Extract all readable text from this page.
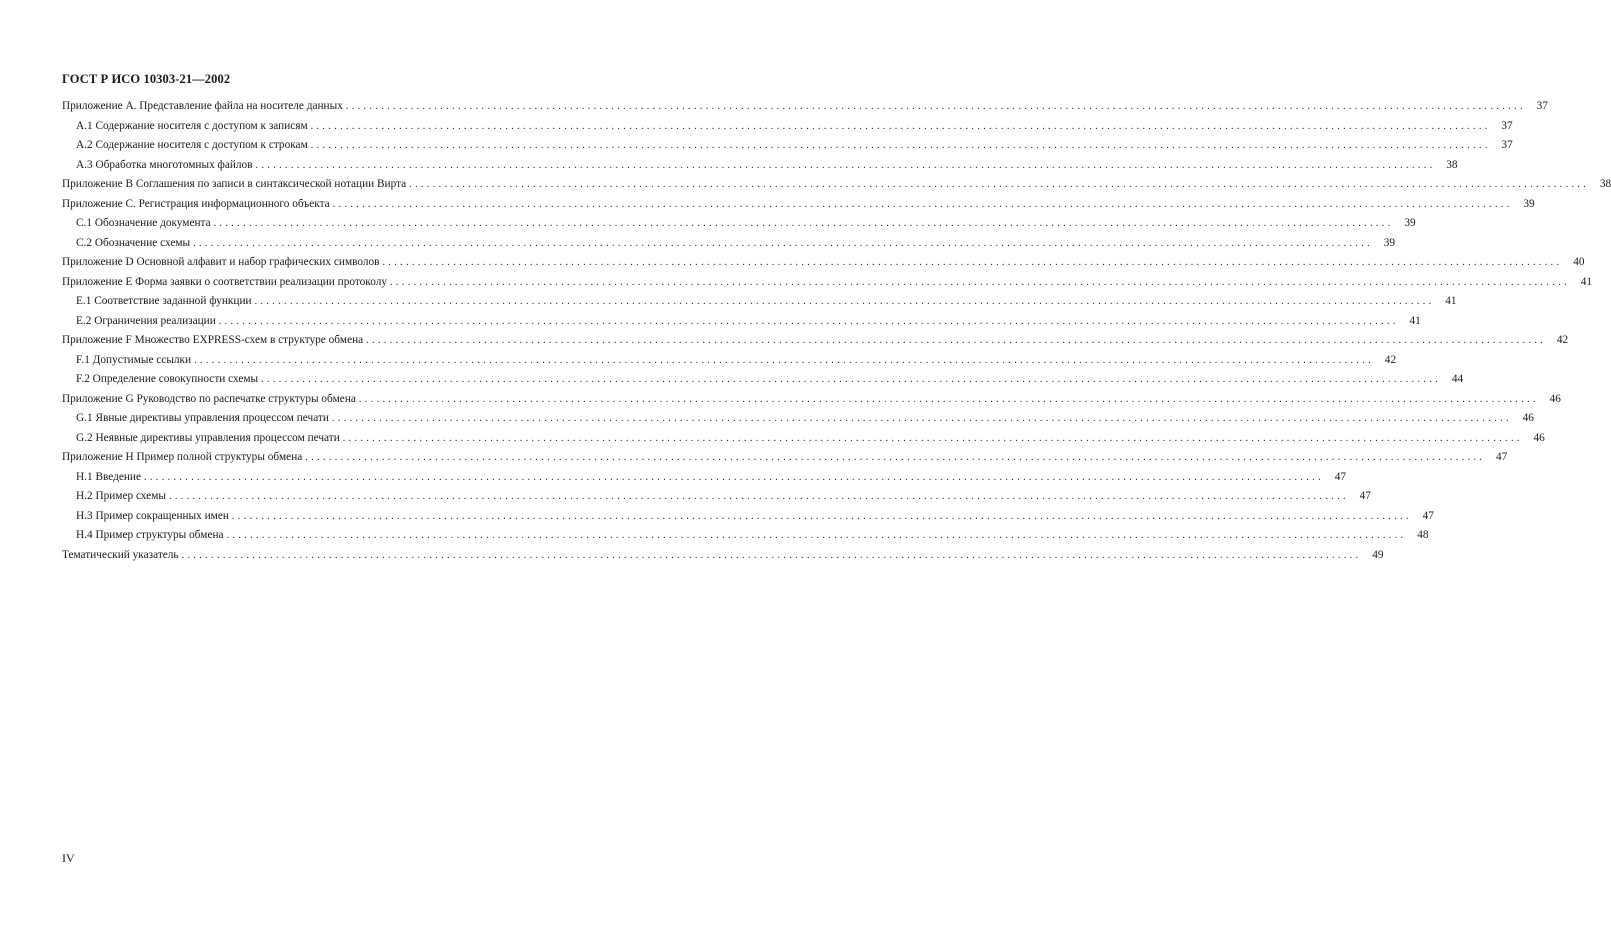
ГОСТ Р ИСО 10303-21—2002
Приложение А. Представление файла на носителе данных ........................................................................................................................................................................................................ 37
А.1 Содержание носителя с доступом к записям ........................................................................................................................................................................................................ 37
А.2 Содержание носителя с доступом к строкам ........................................................................................................................................................................................................ 37
А.3 Обработка многотомных файлов ........................................................................................................................................................................................................ 38
Приложение В Соглашения по записи в синтаксической нотации Вирта ........................................................................................................................................................................................................ 38
Приложение С. Регистрация информационного объекта ........................................................................................................................................................................................................ 39
С.1 Обозначение документа ........................................................................................................................................................................................................ 39
С.2 Обозначение схемы ........................................................................................................................................................................................................ 39
Приложение D Основной алфавит и набор графических символов ........................................................................................................................................................................................................ 40
Приложение Е Форма заявки о соответствии реализации протоколу ........................................................................................................................................................................................................ 41
Е.1 Соответствие заданной функции ........................................................................................................................................................................................................ 41
Е.2 Ограничения реализации ........................................................................................................................................................................................................ 41
Приложение F Множество EXPRESS-схем в структуре обмена ........................................................................................................................................................................................................ 42
F.1 Допустимые ссылки ........................................................................................................................................................................................................ 42
F.2 Определение совокупности схемы ........................................................................................................................................................................................................ 44
Приложение G Руководство по распечатке структуры обмена ........................................................................................................................................................................................................ 46
G.1 Явные директивы управления процессом печати ........................................................................................................................................................................................................ 46
G.2 Неявные директивы управления процессом печати ........................................................................................................................................................................................................ 46
Приложение Н Пример полной структуры обмена ........................................................................................................................................................................................................ 47
Н.1 Введение ........................................................................................................................................................................................................ 47
Н.2 Пример схемы ........................................................................................................................................................................................................ 47
Н.3 Пример сокращенных имен ........................................................................................................................................................................................................ 47
Н.4 Пример структуры обмена ........................................................................................................................................................................................................ 48
Тематический указатель ........................................................................................................................................................................................................ 49
IV
